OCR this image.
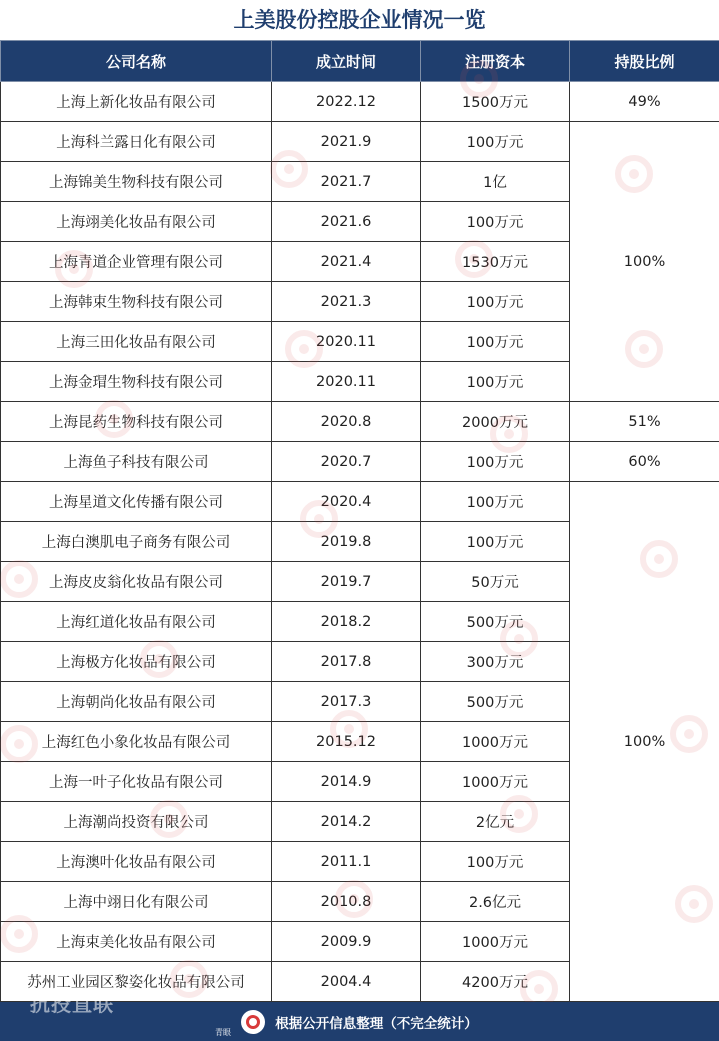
上美股份控股企业情况一览
公司名称	成立时间	注册资本	持股比例
上海上新化妆品有限公司	2022.12	1500万元	49%
上海科兰露日化有限公司	2021.9	100万元	100%
上海锦美生物科技有限公司	2021.7	1亿	
上海翊美化妆品有限公司	2021.6	100万元	
上海青道企业管理有限公司	2021.4	1530万元	
上海韩束生物科技有限公司	2021.3	100万元	
上海三田化妆品有限公司	2020.11	100万元	
上海金瑁生物科技有限公司	2020.11	100万元	
上海昆药生物科技有限公司	2020.8	2000万元	51%
上海鱼子科技有限公司	2020.7	100万元	60%
上海星道文化传播有限公司	2020.4	100万元	100%
上海白澳肌电子商务有限公司	2019.8	100万元	
上海皮皮翁化妆品有限公司	2019.7	50万元	
上海红道化妆品有限公司	2018.2	500万元	
上海极方化妆品有限公司	2017.8	300万元	
上海朝尚化妆品有限公司	2017.3	500万元	
上海红色小象化妆品有限公司	2015.12	1000万元	
上海一叶子化妆品有限公司	2014.9	1000万元	
上海潮尚投资有限公司	2014.2	2亿元	
上海澳叶化妆品有限公司	2011.1	100万元	
上海中翊日化有限公司	2010.8	2.6亿元	
上海束美化妆品有限公司	2009.9	1000万元	
苏州工业园区黎姿化妆品有限公司	2004.4	4200万元	
根据公开信息整理（不完全统计）
青眼
抗投直联
